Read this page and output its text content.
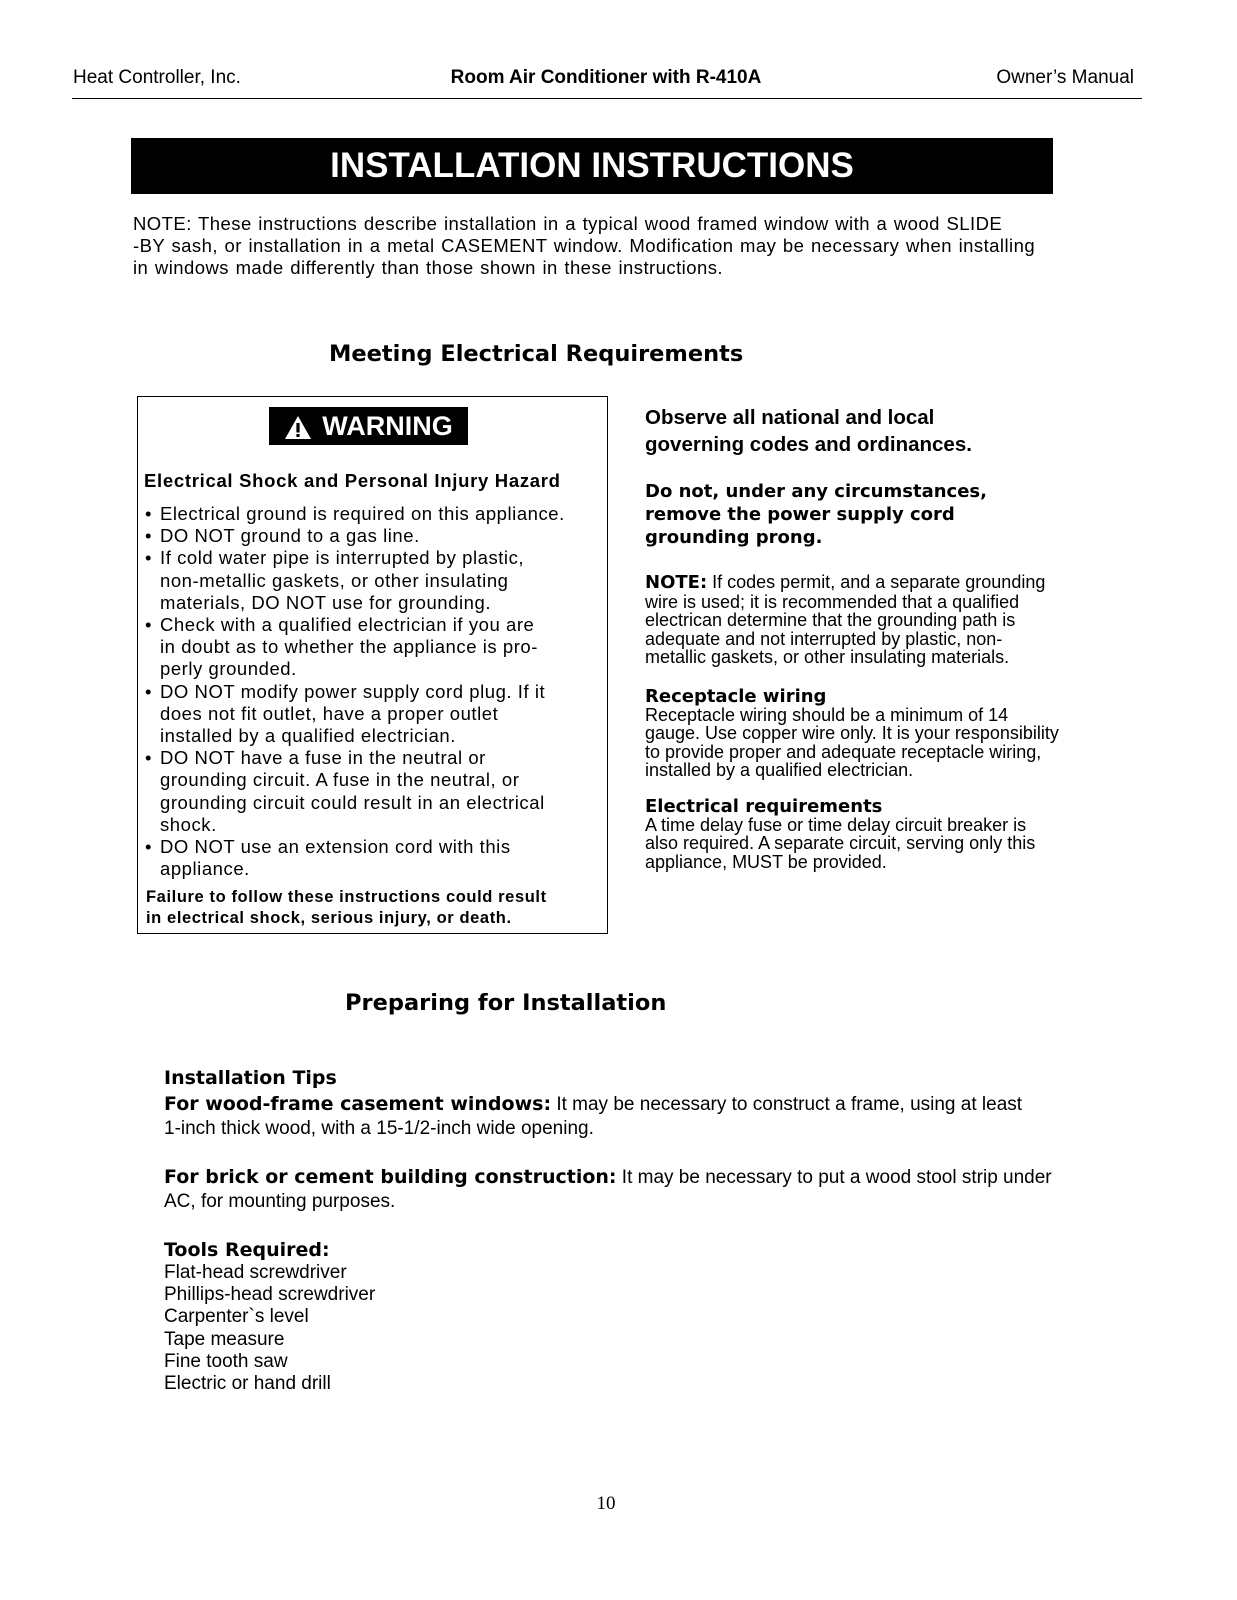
Heat Controller, Inc.	Room Air Conditioner with R-410A	Owner’s Manual
INSTALLATION INSTRUCTIONS
NOTE: These instructions describe installation in a typical wood framed window with a wood SLIDE
-BY sash, or installation in a metal CASEMENT window. Modification may be necessary when installing
in windows made differently than those shown in these instructions.
Meeting Electrical Requirements
WARNING
Electrical Shock and Personal Injury Hazard
• Electrical ground is required on this appliance.
• DO NOT ground to a gas line.
• If cold water pipe is interrupted by plastic,
non-metallic gaskets, or other insulating
materials, DO NOT use for grounding.
• Check with a qualified electrician if you are
in doubt as to whether the appliance is pro-
perly grounded.
• DO NOT modify power supply cord plug. If it
does not fit outlet, have a proper outlet
installed by a qualified electrician.
• DO NOT have a fuse in the neutral or
grounding circuit. A fuse in the neutral, or
grounding circuit could result in an electrical
shock.
• DO NOT use an extension cord with this
appliance.
Failure to follow these instructions could result
in electrical shock, serious injury, or death.
Observe all national and local
governing codes and ordinances.
Do not, under any circumstances,
remove the power supply cord
grounding prong.
NOTE: If codes permit, and a separate grounding
wire is used; it is recommended that a qualified
electrican determine that the grounding path is
adequate and not interrupted by plastic, non-
metallic gaskets, or other insulating materials.
Receptacle wiring
Receptacle wiring should be a minimum of 14
gauge. Use copper wire only. It is your responsibility
to provide proper and adequate receptacle wiring,
installed by a qualified electrician.
Electrical requirements
A time delay fuse or time delay circuit breaker is
also required. A separate circuit, serving only this
appliance, MUST be provided.
Preparing for Installation
Installation Tips
For wood-frame casement windows: It may be necessary to construct a frame, using at least
1-inch thick wood, with a 15-1/2-inch wide opening.
For brick or cement building construction: It may be necessary to put a wood stool strip under
AC, for mounting purposes.
Tools Required:
Flat-head screwdriver
Phillips-head screwdriver
Carpenter`s level
Tape measure
Fine tooth saw
Electric or hand drill
10
